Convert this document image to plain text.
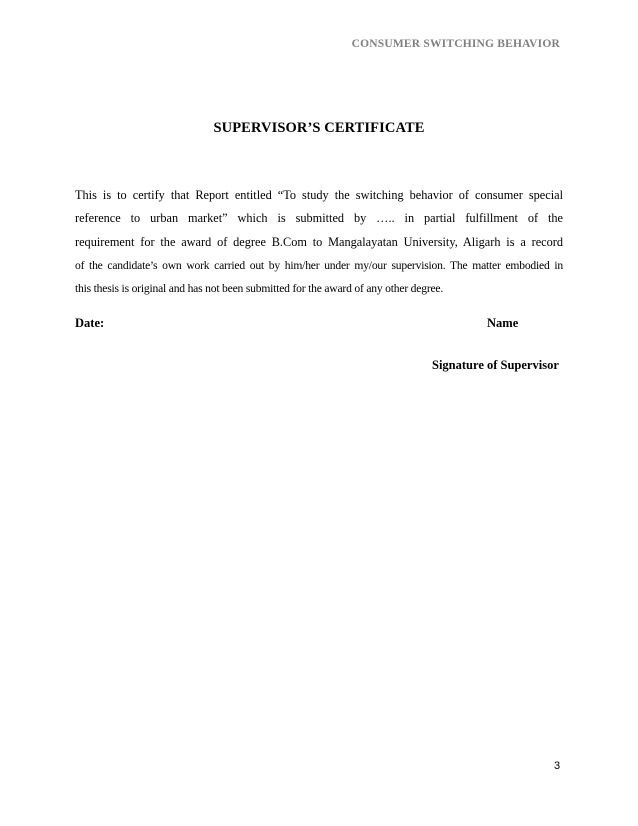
CONSUMER SWITCHING BEHAVIOR
SUPERVISOR’S CERTIFICATE
This is to certify that Report entitled “To study the switching behavior of consumer special
reference to urban market” which is submitted by ….. in partial fulfillment of the
requirement for the award of degree B.Com to Mangalayatan University, Aligarh is a record
of the candidate’s own work carried out by him/her under my/our supervision. The matter embodied in
this thesis is original and has not been submitted for the award of any other degree.
Date:	Name
Signature of Supervisor
3
